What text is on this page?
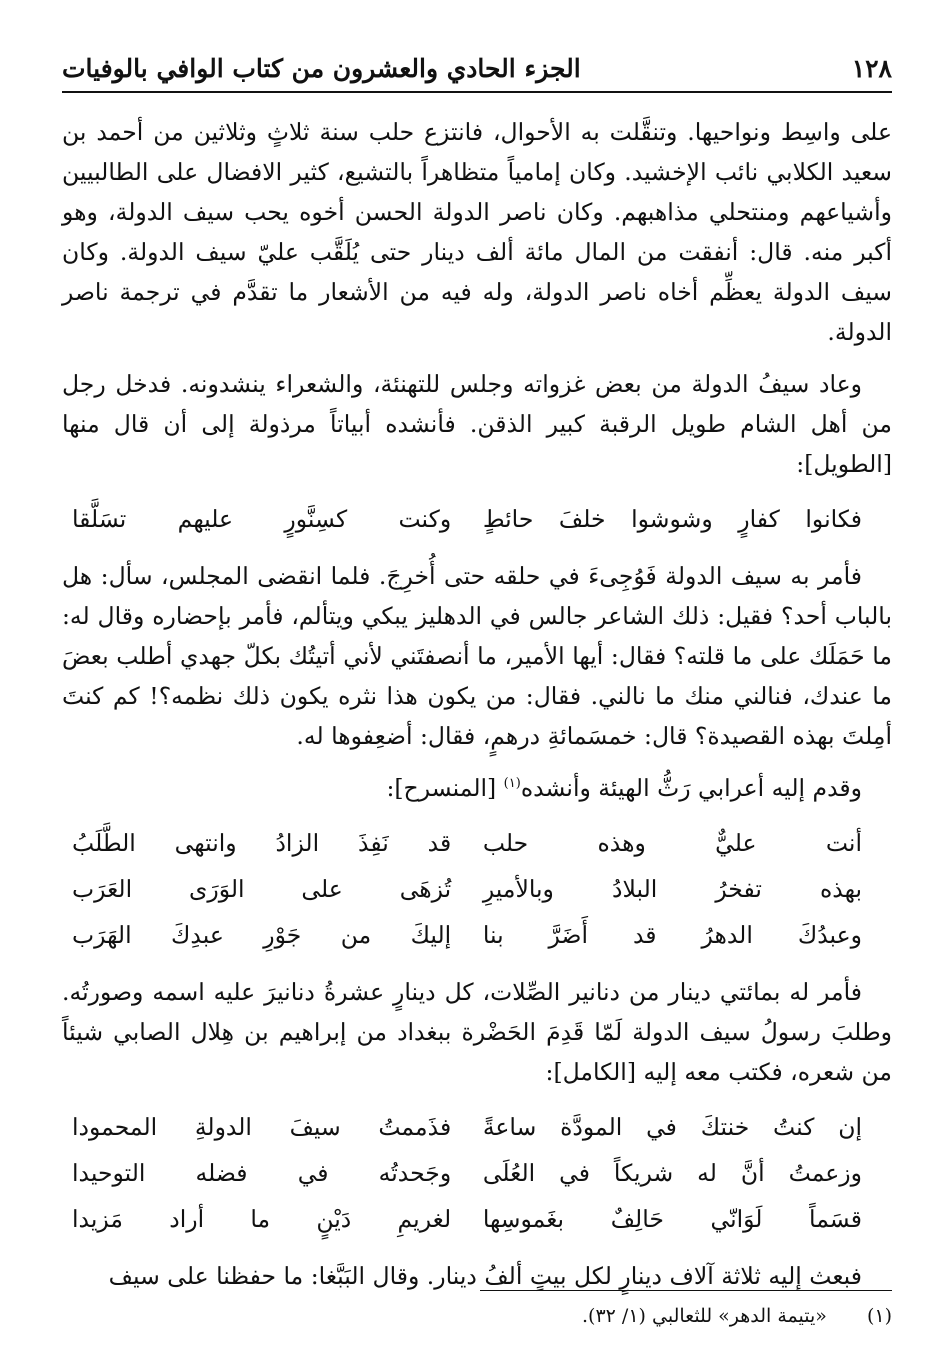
١٢٨
الجزء الحادي والعشرون من كتاب الوافي بالوفيات

على واسِط ونواحيها. وتنقَّلت به الأحوال، فانتزع حلب سنة ثلاثٍ وثلاثين من أحمد بن سعيد الكلابي نائب الإخشيد. وكان إمامياً متظاهراً بالتشيع، كثير الافضال على الطالبيين وأشياعهم ومنتحلي مذاهبهم. وكان ناصر الدولة الحسن أخوه يحب سيف الدولة، وهو أكبر منه. قال: أنفقت من المال مائة ألف دينار حتى يُلَقَّب عليّ سيف الدولة. وكان سيف الدولة يعظِّم أخاه ناصر الدولة، وله فيه من الأشعار ما تقدَّم في ترجمة ناصر الدولة.

وعاد سيفُ الدولة من بعض غزواته وجلس للتهنئة، والشعراء ينشدونه. فدخل رجل من أهل الشام طويل الرقبة كبير الذقن. فأنشده أبياتاً مرذولة إلى أن قال منها [الطويل]:

فكانوا كفارٍ وشوشوا خلفَ حائطٍ
وكنت كسِنَّورٍ عليهم تسَلَّقا

فأمر به سيف الدولة فَوُجِىءَ في حلقه حتى أُخرِجَ. فلما انقضى المجلس، سأل: هل بالباب أحد؟ فقيل: ذلك الشاعر جالس في الدهليز يبكي ويتألم، فأمر بإحضاره وقال له: ما حَمَلَك على ما قلته؟ فقال: أيها الأمير، ما أنصفتَني لأني أتيتُك بكلّ جهدي أطلب بعضَ ما عندك، فنالني منك ما نالني. فقال: من يكون هذا نثره يكون ذلك نظمه؟! كم كنتَ أمِلتَ بهذه القصيدة؟ قال: خمسَمائةِ درهمٍ، فقال: أضعِفوها له.

وقدم إليه أعرابي رَثُّ الهيئة وأنشده$^{(١)}$ [المنسرح]:

أنت عليٌّ وهذه حلب
قد نَفِذَ الزادُ وانتهى الطَّلَبُ
بهذه تفخرُ البلادُ وبالأميرِ
تُزهَى على الوَرَى العَرَب
وعبدُكَ الدهرُ قد أَضَرَّ بنا
إليكَ من جَوْرِ عبدِكَ الهَرَب

فأمر له بمائتي دينار من دنانير الصِّلات، كل دينارٍ عشرةُ دنانيرَ عليه اسمه وصورتُه. وطلبَ رسولُ سيف الدولة لَمّا قَدِمَ الحَضْرة ببغداد من إبراهيم بن هِلال الصابي شيئاً من شعره، فكتب معه إليه [الكامل]:

إن كنتُ خنتكَ في المودَّة ساعةً
فذَممتُ سيفَ الدولةِ المحمودا
وزعمتُ أنَّ له شريكاً في العُلَى
وجَحدتُه في فضله التوحيدا
قسَماً لَوَانّي حَالِفٌ بغَموسِها
لغريمِ دَيْنٍ ما أراد مَزيدا

فبعث إليه ثلاثة آلاف دينارٍ لكل بيتٍ ألفُ دينار. وقال البَبَّغا: ما حفظنا على سيف

(١)
«يتيمة الدهر» للثعالبي (١/ ٣٢).
